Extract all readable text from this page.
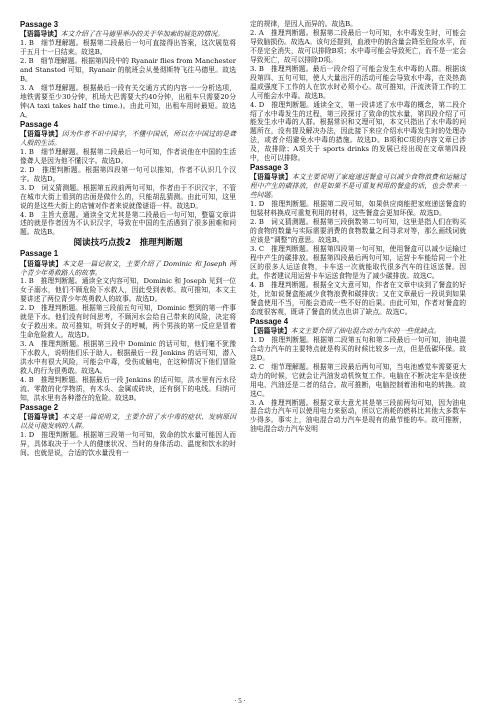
Passage 3

【语篇导读】本文介绍了在马德里举办的关于华加索的展览的情况。

1. B　细节理解题。根据第二段最后一句可直接得出答案，这次展览将于五月十一日结束。故选B。

2. B　细节理解题。根据第四段中的 Ryanair flies from Manchester and Stansted 可知，Ryanair 的航班会从曼彻斯特飞往马德里。故选B。

3. A　细节理解题。根据最后一段有关交通方式的内容一一分析选项，地铁需要至少30分钟，机场大巴需要大约40分钟，出租车只需要20分钟(A taxi takes half the time.)。由此可知，出租车用时最短。故选A。

Passage 4

【语篇导读】因为作者不识中国字，不懂中国话，所以在中国过的是聋人般的生活。

1. B　细节理解题。根据第二段最后一句可知，作者说他在中国的生活像聋人是因为他不懂汉字。故选D。

2. D　推理判断题。根据第四段第一句可以推知，作者不认识几个汉字。故选D。

3. D　词义猜测题。根据第五段前两句可知，作者由于不识汉字，不管在城市大街上看到的店面是做什么的，只能胡乱猜测。由此可知，这里说的是这些大街上的店铺对作者来说就像谜语一样。故选D。

4. B　主旨大意题。通读全文尤其是第二段最后一句可知，整篇文章讲述的就是作者因为不认识汉字，导致在中国的生活遇到了很多困难和问题。故选B。

阅读技巧点拨2　推理判断题

Passage 1

【语篇导读】本文是一篇记叙文，主要介绍了 Dominic 和 Joseph 两个青少年勇救路人的故事。

1. B　推理判断题。通读全文内容可知，Dominic 和 Joseph 见到一位女子溺水，他们不顾危险下水救人，因此受到表彰。故可推知，本文主要讲述了两位青少年英勇救人的故事。故选D。

2. D　推理判断题。根据第三段前五句可知，Dominic 想到的第一件事就是下水。他们没有时间思考，不顾河水会给自己带来的风险，决定将女子救出来。故可推知，听到女子的呼喊，两个男孩的第一反应是冒着生命危险救人。故选D。

3. A　推理判断题。根据第三段中 Dominic 的话可知，他们毫不犹豫下水救人，说明他们乐于助人。根据最后一段 Jenkins 的话可知，潜入洪水中有很大风险，可能会中毒，受伤或触电，在这种情况下他们冒险救人的行为很勇敢。故选A。

4. B　推理判断题。根据最后一段 Jenkins 的话可知，洪水里有污水径流、零散的化学物质，有木头、金属或砖块，还有倒下的电线。归纳可知，洪水里有各种潜在的危险。故选B。

Passage 2

【语篇导读】本文是一篇说明文，主要介绍了水中毒的症状、发病原因以及可能发病的人群。

1. D　推理判断题。根据第三段第一句可知，致命的饮水量可能因人而异，具体取决于一个人的健康状况、当时的身体活动、温度和饮水的时间。也就是说，合适的饮水量没有一

定的规律，是因人而异的。故选B。

2. A　推理判断题。根据第二段最后一句可知，水中毒发生时，可能会导致脑损伤。故选A。该句还提到，血液中的钠含量会降至危险水平，而不是完全消失，故可以排除B项；水中毒可能会导致死亡，而不是一定会导致死亡，故可以排除D项。

3. B　推理判断题。最后一段介绍了可能会发生水中毒的人群。根据该段第四、五句可知，使人大量出汗的活动可能会导致水中毒，在炎热高温或强度下工作的人在饮水时必须小心。故可推知，汗流浃背工作的工人可能会水中毒。故选B。

4. D　推理判断题。通读全文，第一段讲述了水中毒的概念，第二段介绍了水中毒发生的过程，第三段探讨了致命的饮水量，第四段介绍了可能发生水中毒的人群。根据常识和文理可知，本文只指出了水中毒的问题所在，没有提及解决办法，因此接下来应介绍水中毒发生时的处理办法，或者介绍避免水中毒的措施。故选D。B项和C项的内容文章已涉及，故排除；A项关于 sports drinks 的发展已经出现在文章第四段中，也可以排除。

Passage 3

【语篇导读】本文主要说明了家庭递送餐盒可以减少食物浪费和运输过程中产生的碳排放，但是如果不是可重复利用的餐盒的话，也会带来一些问题。

1. D　推理判断题。根据第二段可知，如果供应商能把家庭递送餐盒的包装材料换成可重复利用的材料，这些餐盒会更加环保。故选D。

2. B　词义猜测题。根据第三段倒数第二句可知，这里是指人们在购买的食物的数量与实际需要消费的食物数量之间寻求对等，那么画线词就应该是“调整”的意思。故选B。

3. C　推理判断题。根据第四段第一句可知，使用餐盒可以减少运输过程中产生的碳排放。根据第四段最后两句可知，运营卡车能给同一个社区的很多人运送食物，卡车送一次就能取代很多汽车的往返送餐。因此，作者建议用运营卡车运送食物是为了减少碳排放。故选C。

4. B　推理判断题。根据全文大意可知，作者在文章中谈到了餐盒的好处，比如说餐盒能减少食物浪费和碳排放；又在文章最后一段说到如果餐盒使用不当，可能会造成一些不好的后果。由此可知，作者对餐盒的态度很客观，既讲了餐盒的优点也讲了缺点。故选C。

Passage 4

【语篇导读】本文主要介绍了油电混合动力汽车的一些优缺点。

1. D　推理判断题。根据第二段第五句和第二段最后一句可知，油电混合动力汽车的主要特点就是构买的时候比较多一点，但是低碳环保。故选D。

2. C　细节理解题。根据第三段最后两句可知，当电池感觉车需要更大动力的时候，它就会让汽油发动机恢复工作。电脑在不断决定车是该使用电、汽油还是二者的结合。故可推断，电脑控制着油和电的转换。故选C。

3. A　推理判断题。根据文章大意尤其是第三段前两句可知，因为油电混合动力汽车可以使用电力来驱动，所以它消耗的燃料比其他大多数车少得多。事实上，油电混合动力汽车是现有的最节能的车。故可推断，油电混合动力汽车发明

· 5 ·
